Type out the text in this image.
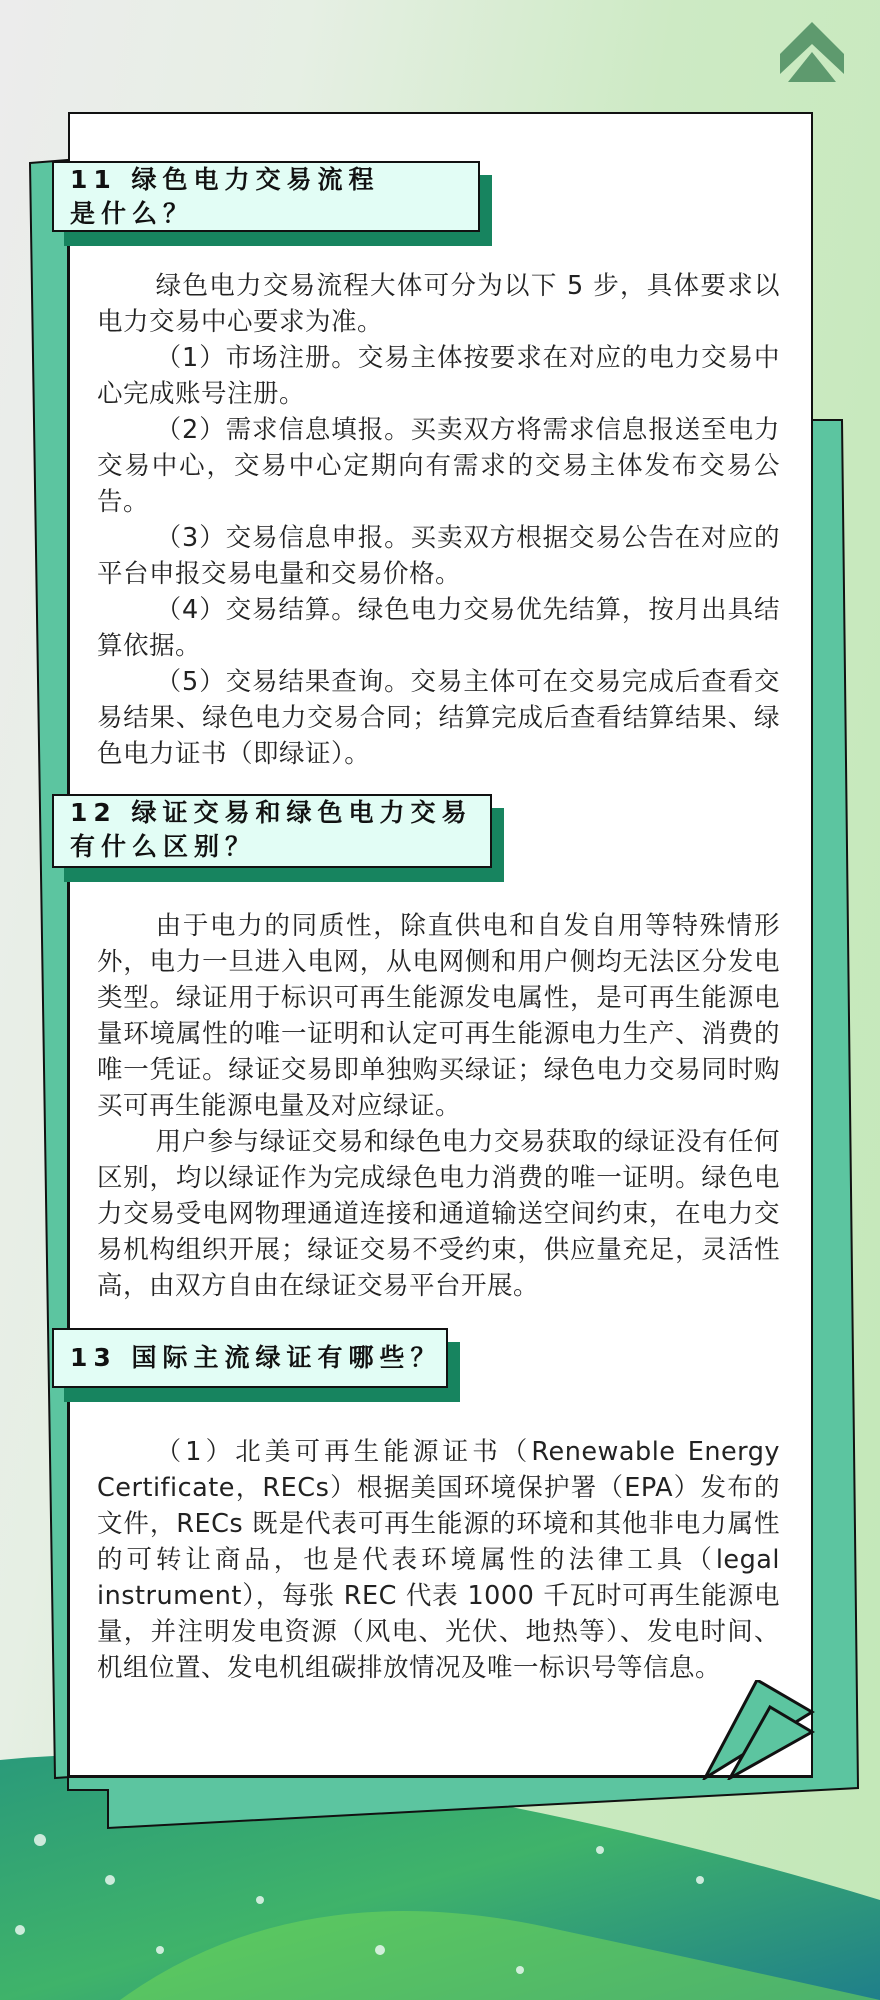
11 绿色电力交易流程
是什么？

绿色电力交易流程大体可分为以下 5 步，具体要求以电力交易中心要求为准。

（1）市场注册。交易主体按要求在对应的电力交易中心完成账号注册。

（2）需求信息填报。买卖双方将需求信息报送至电力交易中心，交易中心定期向有需求的交易主体发布交易公告。

（3）交易信息申报。买卖双方根据交易公告在对应的平台申报交易电量和交易价格。

（4）交易结算。绿色电力交易优先结算，按月出具结算依据。

（5）交易结果查询。交易主体可在交易完成后查看交易结果、绿色电力交易合同；结算完成后查看结算结果、绿色电力证书（即绿证）。

12 绿证交易和绿色电力交易
有什么区别？

由于电力的同质性，除直供电和自发自用等特殊情形外，电力一旦进入电网，从电网侧和用户侧均无法区分发电类型。绿证用于标识可再生能源发电属性，是可再生能源电量环境属性的唯一证明和认定可再生能源电力生产、消费的唯一凭证。绿证交易即单独购买绿证；绿色电力交易同时购买可再生能源电量及对应绿证。

用户参与绿证交易和绿色电力交易获取的绿证没有任何区别，均以绿证作为完成绿色电力消费的唯一证明。绿色电力交易受电网物理通道连接和通道输送空间约束，在电力交易机构组织开展；绿证交易不受约束，供应量充足，灵活性高，由双方自由在绿证交易平台开展。

13 国际主流绿证有哪些？

（1）北美可再生能源证书（Renewable Energy Certificate，RECs）根据美国环境保护署（EPA）发布的文件，RECs 既是代表可再生能源的环境和其他非电力属性的可转让商品，也是代表环境属性的法律工具（legal instrument），每张 REC 代表 1000 千瓦时可再生能源电量，并注明发电资源（风电、光伏、地热等）、发电时间、机组位置、发电机组碳排放情况及唯一标识号等信息。
